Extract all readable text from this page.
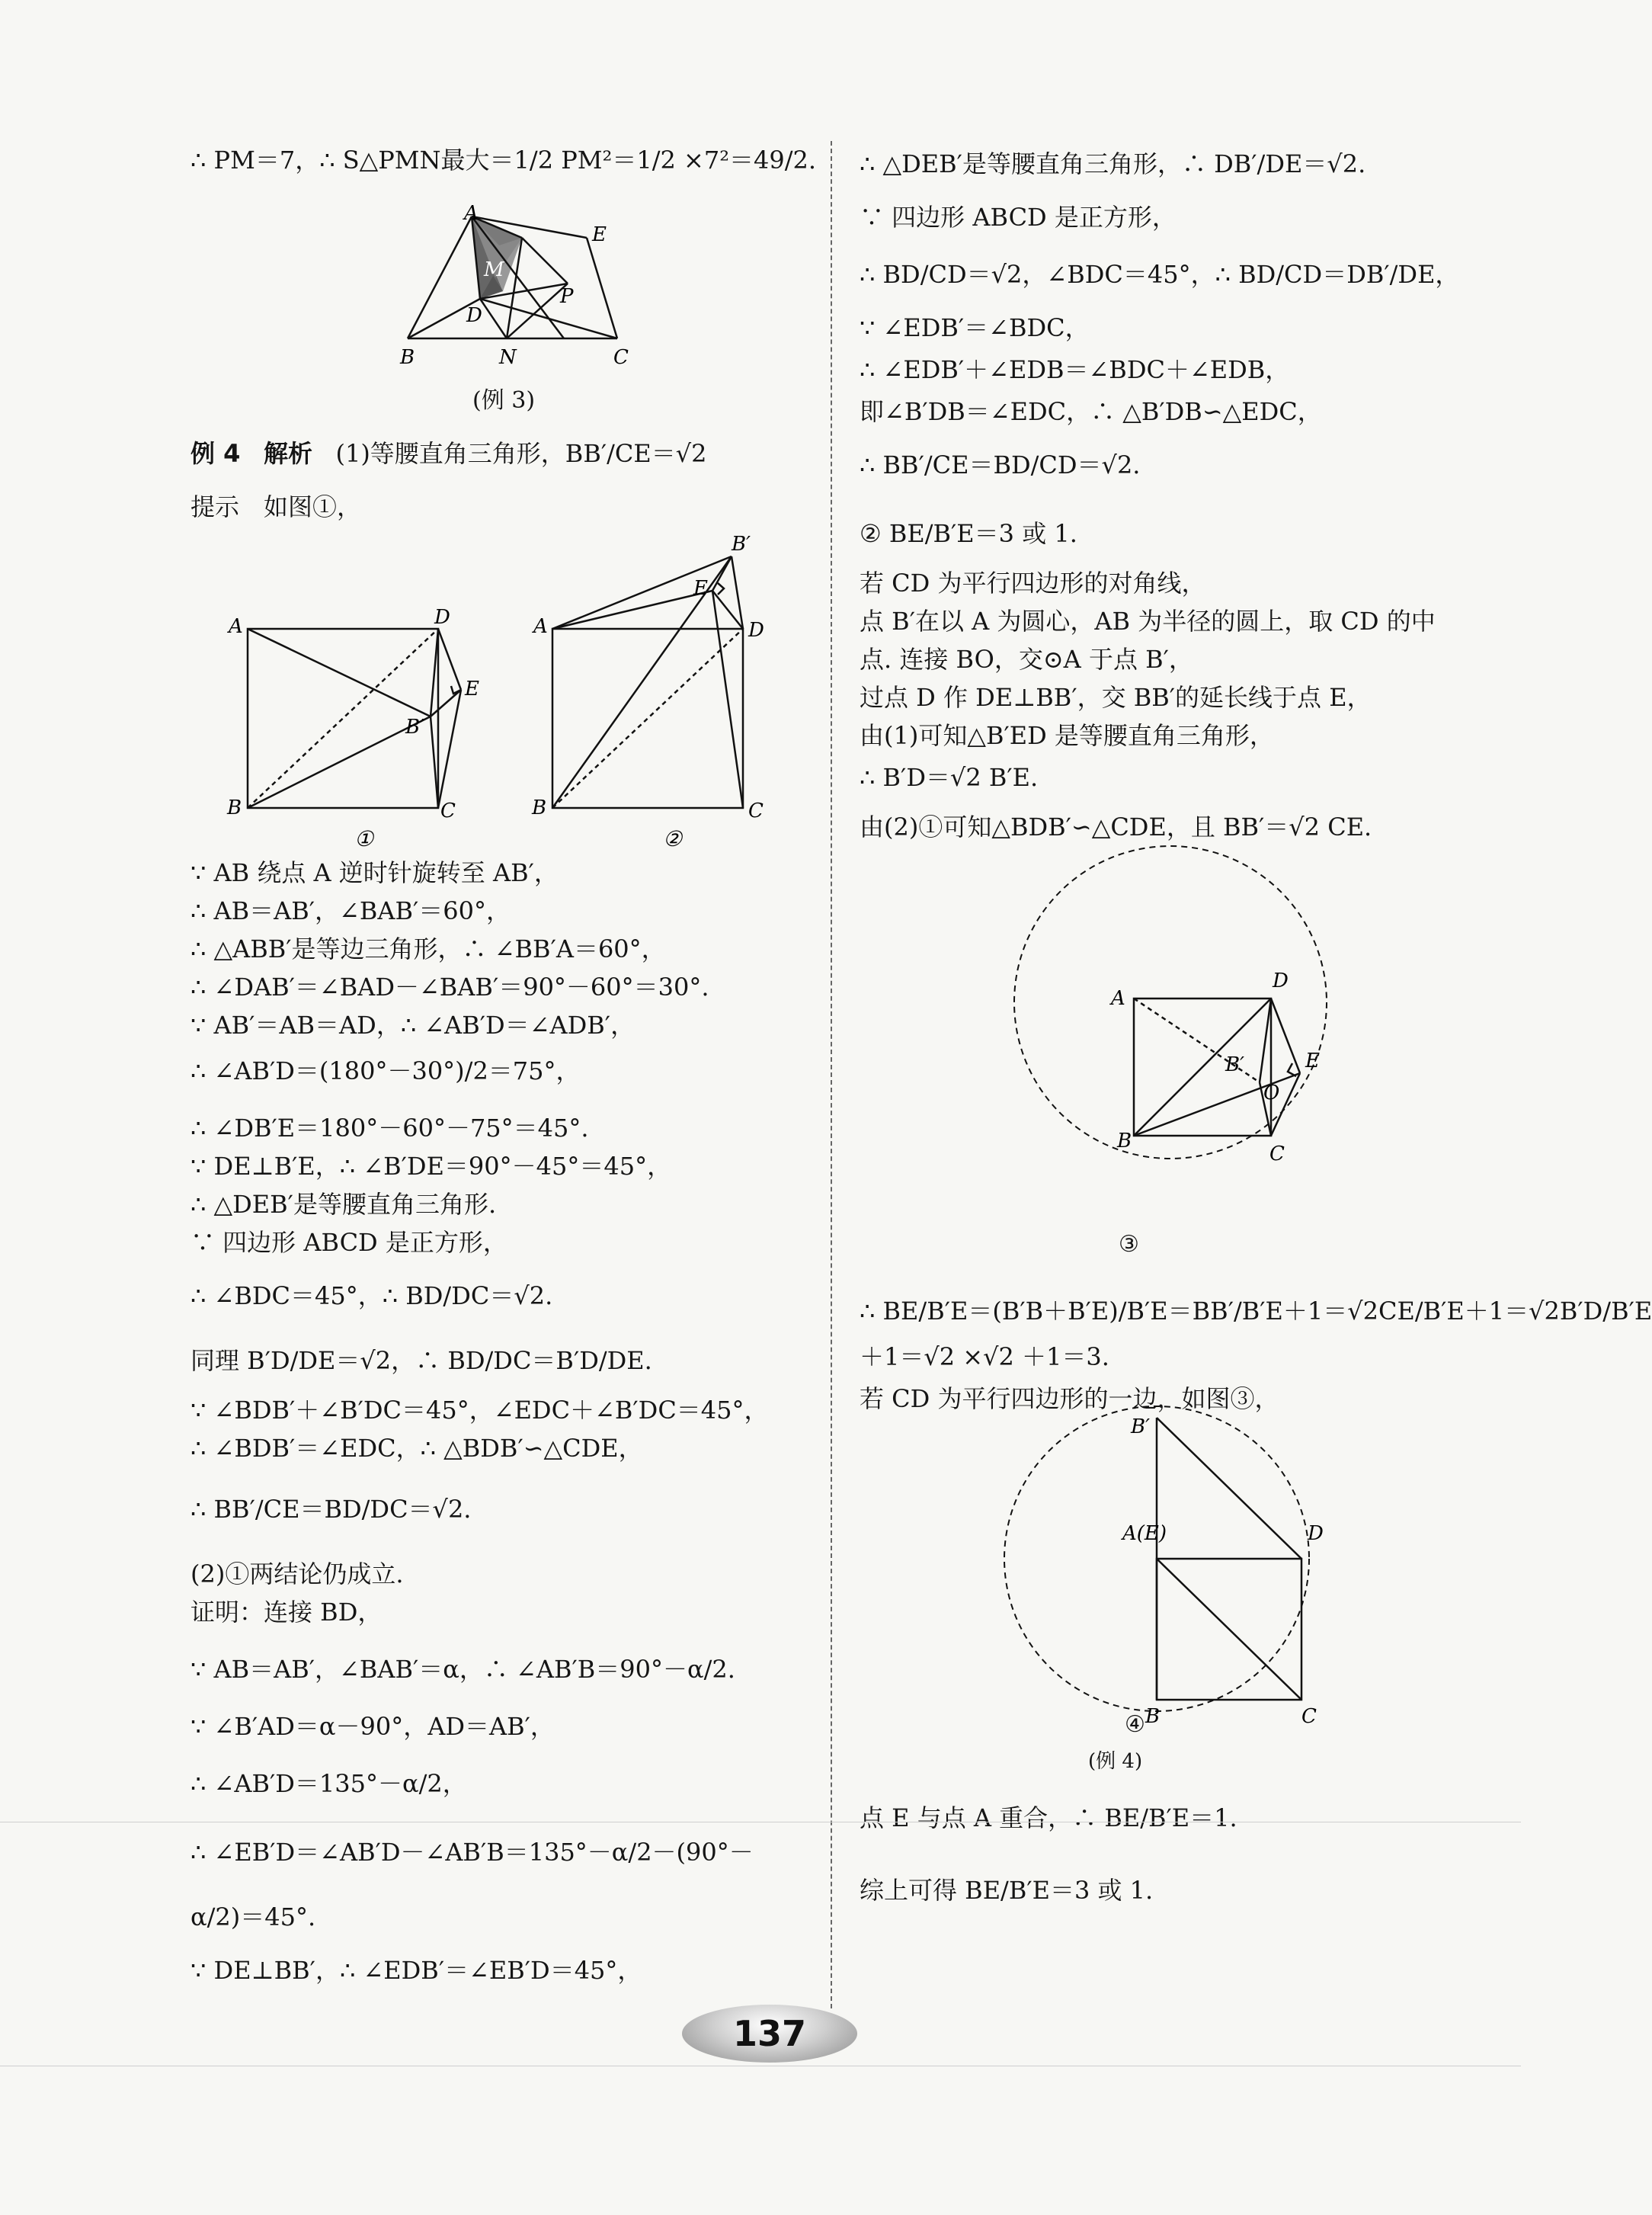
∴ PM＝7，∴ S△PMN最大＝1/2 PM²＝1/2 ×7²＝49/2.
A
E
M
D
P
B	N	C
(例 3)
例 4 解析 (1)等腰直角三角形，BB′/CE＝√2
提示　如图①，
A	D
E
B′
B	C
A
B′
E
D
B	C
①	②
∵ AB 绕点 A 逆时针旋转至 AB′，
∴ AB＝AB′，∠BAB′＝60°，
∴ △ABB′是等边三角形，∴ ∠BB′A＝60°，
∴ ∠DAB′＝∠BAD－∠BAB′＝90°－60°＝30°.
∵ AB′＝AB＝AD，∴ ∠AB′D＝∠ADB′，
∴ ∠AB′D＝(180°－30°)/2＝75°，
∴ ∠DB′E＝180°－60°－75°＝45°.
∵ DE⊥B′E，∴ ∠B′DE＝90°－45°＝45°，
∴ △DEB′是等腰直角三角形.
∵ 四边形 ABCD 是正方形，
∴ ∠BDC＝45°，∴ BD/DC＝√2.
同理 B′D/DE＝√2，∴ BD/DC＝B′D/DE.
∵ ∠BDB′＋∠B′DC＝45°，∠EDC＋∠B′DC＝45°，
∴ ∠BDB′＝∠EDC，∴ △BDB′∽△CDE，
∴ BB′/CE＝BD/DC＝√2.
(2)①两结论仍成立.
证明：连接 BD，
∵ AB＝AB′，∠BAB′＝α，∴ ∠AB′B＝90°－α/2.
∵ ∠B′AD＝α－90°，AD＝AB′，
∴ ∠AB′D＝135°－α/2，
∴ ∠EB′D＝∠AB′D－∠AB′B＝135°－α/2－(90°－
α/2)＝45°.
∵ DE⊥BB′，∴ ∠EDB′＝∠EB′D＝45°，
∴ △DEB′是等腰直角三角形，∴ DB′/DE＝√2.
∵ 四边形 ABCD 是正方形，
∴ BD/CD＝√2，∠BDC＝45°，∴ BD/CD＝DB′/DE，
∵ ∠EDB′＝∠BDC，
∴ ∠EDB′＋∠EDB＝∠BDC＋∠EDB，
即∠B′DB＝∠EDC，∴ △B′DB∽△EDC，
∴ BB′/CE＝BD/CD＝√2.
② BE/B′E＝3 或 1.
若 CD 为平行四边形的对角线，
点 B′在以 A 为圆心，AB 为半径的圆上，取 CD 的中
点. 连接 BO，交⊙A 于点 B′，
过点 D 作 DE⊥BB′，交 BB′的延长线于点 E，
由(1)可知△B′ED 是等腰直角三角形，
∴ B′D＝√2 B′E.
由(2)①可知△BDB′∽△CDE，且 BB′＝√2 CE.
A
D
E
B′
O
B
C
③
∴ BE/B′E＝(B′B＋B′E)/B′E＝BB′/B′E＋1＝√2CE/B′E＋1＝√2B′D/B′E
＋1＝√2 ×√2 ＋1＝3.
若 CD 为平行四边形的一边，如图③，
B′
A(E)	D
B	C
④
(例 4)
点 E 与点 A 重合，∴ BE/B′E＝1.
综上可得 BE/B′E＝3 或 1.
137
